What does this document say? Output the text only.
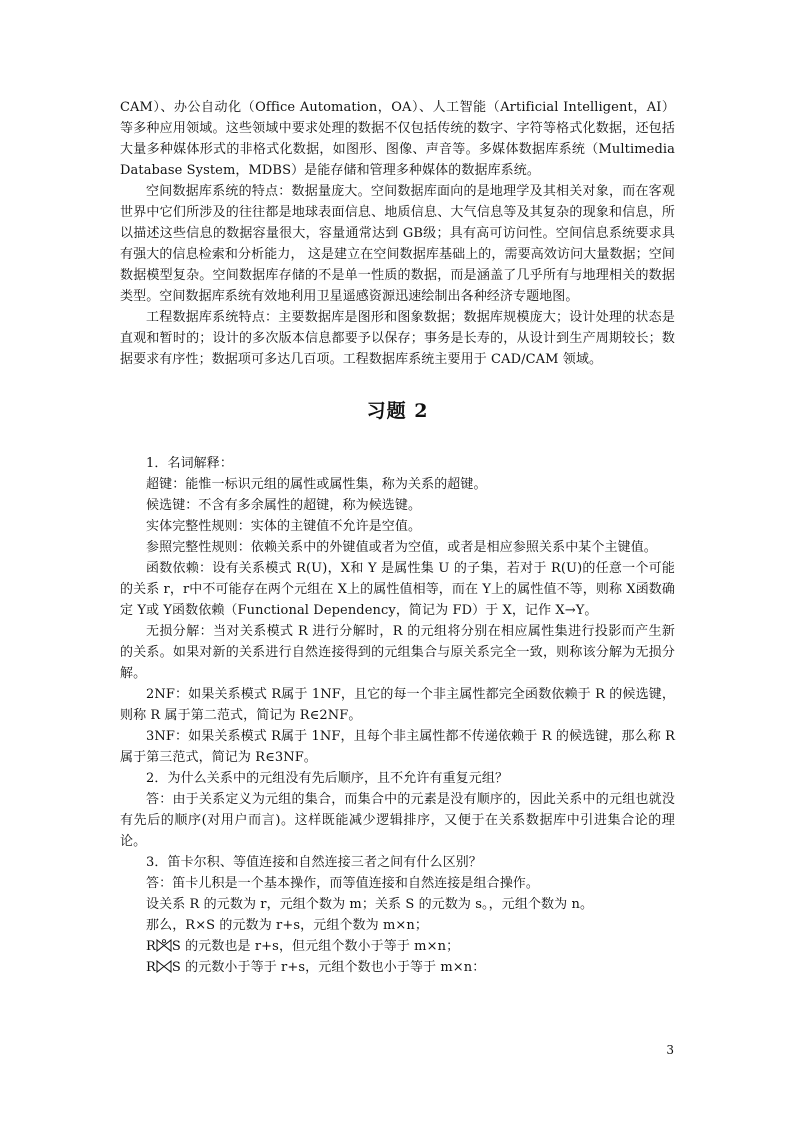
CAM）、办公自动化（Office Automation，OA）、人工智能（Artificial Intelligent，AI）等多种应用领域。这些领域中要求处理的数据不仅包括传统的数字、字符等格式化数据，还包括大量多种媒体形式的非格式化数据，如图形、图像、声音等。多媒体数据库系统（Multimedia Database System，MDBS）是能存储和管理多种媒体的数据库系统。

空间数据库系统的特点：数据量庞大。空间数据库面向的是地理学及其相关对象，而在客观世界中它们所涉及的往往都是地球表面信息、地质信息、大气信息等及其复杂的现象和信息，所以描述这些信息的数据容量很大，容量通常达到 GB级；具有高可访问性。空间信息系统要求具有强大的信息检索和分析能力， 这是建立在空间数据库基础上的，需要高效访问大量数据；空间数据模型复杂。空间数据库存储的不是单一性质的数据，而是涵盖了几乎所有与地理相关的数据类型。空间数据库系统有效地利用卫星遥感资源迅速绘制出各种经济专题地图。

工程数据库系统特点：主要数据库是图形和图象数据；数据库规模庞大；设计处理的状态是直观和暂时的；设计的多次版本信息都要予以保存；事务是长寿的，从设计到生产周期较长；数据要求有序性；数据项可多达几百项。工程数据库系统主要用于 CAD/CAM 领域。

习题 2

1．名词解释：

超键：能惟一标识元组的属性或属性集，称为关系的超键。

候选键：不含有多余属性的超键，称为候选键。

实体完整性规则：实体的主键值不允许是空值。

参照完整性规则：依赖关系中的外键值或者为空值，或者是相应参照关系中某个主键值。

函数依赖：设有关系模式 R(U)，X和 Y 是属性集 U 的子集，若对于 R(U)的任意一个可能的关系 r，r中不可能存在两个元组在 X上的属性值相等，而在 Y上的属性值不等，则称 X函数确定 Y或 Y函数依赖（Functional Dependency，简记为 FD）于 X，记作 X→Y。

无损分解：当对关系模式 R 进行分解时，R 的元组将分别在相应属性集进行投影而产生新的关系。如果对新的关系进行自然连接得到的元组集合与原关系完全一致，则称该分解为无损分解。

2NF：如果关系模式 R属于 1NF，且它的每一个非主属性都完全函数依赖于 R 的候选键，则称 R 属于第二范式，简记为 R∈2NF。

3NF：如果关系模式 R属于 1NF，且每个非主属性都不传递依赖于 R 的候选键，那么称 R属于第三范式，简记为 R∈3NF。

2．为什么关系中的元组没有先后顺序，且不允许有重复元组？

答：由于关系定义为元组的集合，而集合中的元素是没有顺序的，因此关系中的元组也就没有先后的顺序(对用户而言)。这样既能减少逻辑排序，又便于在关系数据库中引进集合论的理论。

3．笛卡尔积、等值连接和自然连接三者之间有什么区别？

答：笛卡儿积是一个基本操作，而等值连接和自然连接是组合操作。

设关系 R 的元数为 r，元组个数为 m；关系 S 的元数为 s。，元组个数为 n。

那么，R×S 的元数为 r+s，元组个数为 m×n；

R S 的元数也是 r+s，但元组个数小于等于 m×n；

R S 的元数小于等于 r+s，元组个数也小于等于 m×n：

3
